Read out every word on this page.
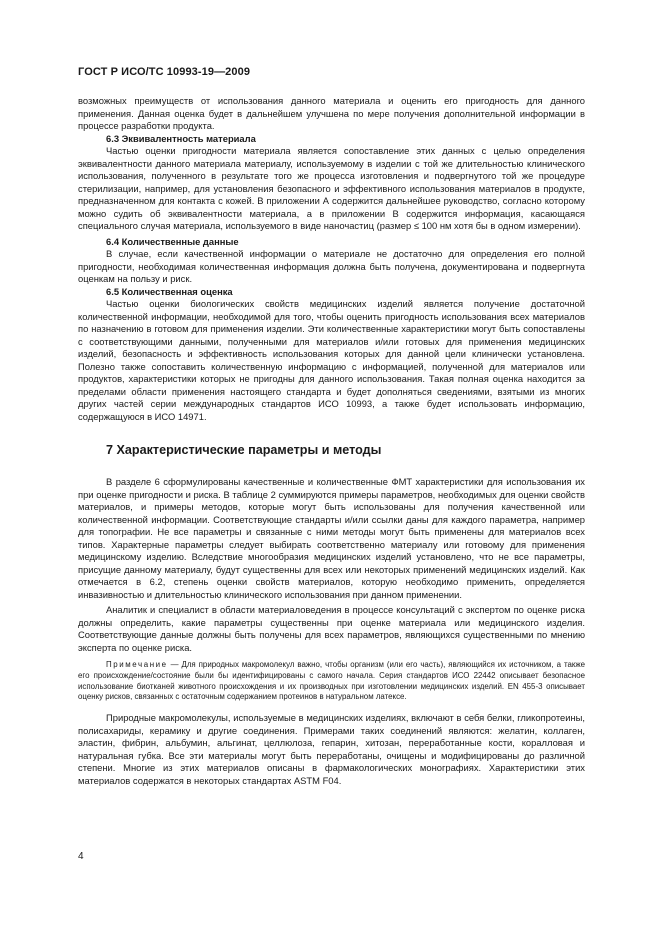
ГОСТ Р ИСО/ТС 10993-19—2009

возможных преимуществ от использования данного материала и оценить его пригодность для данного применения. Данная оценка будет в дальнейшем улучшена по мере получения дополнительной информации в процессе разработки продукта.

6.3 Эквивалентность материала

Частью оценки пригодности материала является сопоставление этих данных с целью определения эквивалентности данного материала материалу, используемому в изделии с той же длительностью клинического использования, полученного в результате того же процесса изготовления и подвергнутого той же процедуре стерилизации, например, для установления безопасного и эффективного использования материалов в продукте, предназначенном для контакта с кожей. В приложении А содержится дальнейшее руководство, согласно которому можно судить об эквивалентности материала, а в приложении В содержится информация, касающаяся специального случая материала, используемого в виде наночастиц (размер ≤ 100 нм хотя бы в одном измерении).

6.4 Количественные данные

В случае, если качественной информации о материале не достаточно для определения его полной пригодности, необходимая количественная информация должна быть получена, документирована и подвергнута оценкам на пользу и риск.

6.5 Количественная оценка

Частью оценки биологических свойств медицинских изделий является получение достаточной количественной информации, необходимой для того, чтобы оценить пригодность использования всех материалов по назначению в готовом для применения изделии. Эти количественные характеристики могут быть сопоставлены с соответствующими данными, полученными для материалов и/или готовых для применения медицинских изделий, безопасность и эффективность использования которых для данной цели клинически установлена. Полезно также сопоставить количественную информацию с информацией, полученной для материалов или продуктов, характеристики которых не пригодны для данного использования. Такая полная оценка находится за пределами области применения настоящего стандарта и будет дополняться сведениями, взятыми из многих других частей серии международных стандартов ИСО 10993, а также будет использовать информацию, содержащуюся в ИСО 14971.

7 Характеристические параметры и методы

В разделе 6 сформулированы качественные и количественные ФМТ характеристики для использования их при оценке пригодности и риска. В таблице 2 суммируются примеры параметров, необходимых для оценки свойств материалов, и примеры методов, которые могут быть использованы для получения качественной или количественной информации. Соответствующие стандарты и/или ссылки даны для каждого параметра, например для топографии. Не все параметры и связанные с ними методы могут быть применены для материалов всех типов. Характерные параметры следует выбирать соответственно материалу или готовому для применения медицинскому изделию. Вследствие многообразия медицинских изделий установлено, что не все параметры, присущие данному материалу, будут существенны для всех или некоторых применений медицинских изделий. Как отмечается в 6.2, степень оценки свойств материалов, которую необходимо применить, определяется инвазивностью и длительностью клинического использования при данном применении.

Аналитик и специалист в области материаловедения в процессе консультаций с экспертом по оценке риска должны определить, какие параметры существенны при оценке материала или медицинского изделия. Соответствующие данные должны быть получены для всех параметров, являющихся существенными по мнению эксперта по оценке риска.

Примечание — Для природных макромолекул важно, чтобы организм (или его часть), являющийся их источником, а также его происхождение/состояние были бы идентифицированы с самого начала. Серия стандартов ИСО 22442 описывает безопасное использование биотканей животного происхождения и их производных при изготовлении медицинских изделий. EN 455-3 описывает оценку рисков, связанных с остаточным содержанием протеинов в натуральном латексе.

Природные макромолекулы, используемые в медицинских изделиях, включают в себя белки, гликопротеины, полисахариды, керамику и другие соединения. Примерами таких соединений являются: желатин, коллаген, эластин, фибрин, альбумин, альгинат, целлюлоза, гепарин, хитозан, переработанные кости, коралловая и натуральная губка. Все эти материалы могут быть переработаны, очищены и модифицированы до различной степени. Многие из этих материалов описаны в фармакологических монографиях. Характеристики этих материалов содержатся в некоторых стандартах ASTM F04.

4
